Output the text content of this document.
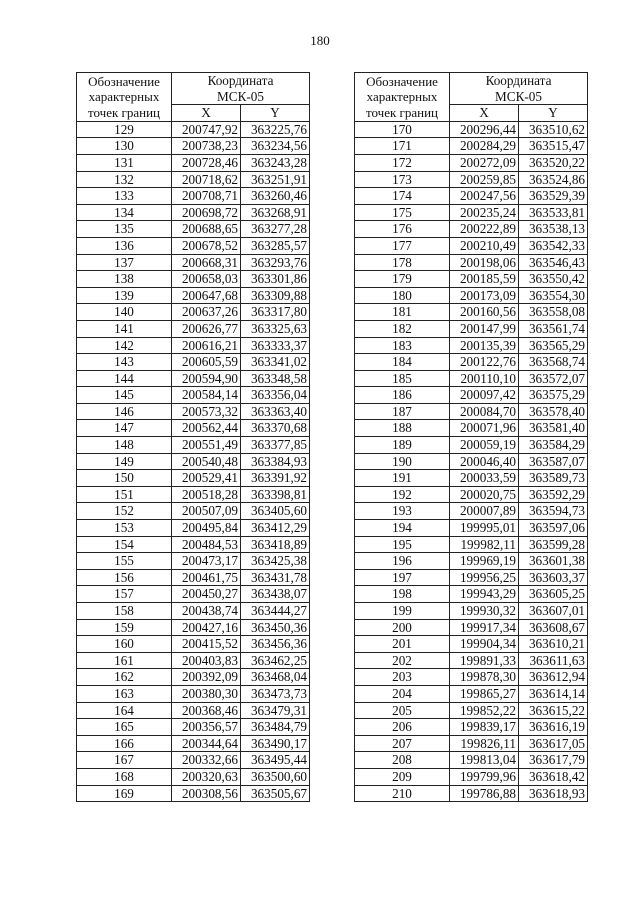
180
Обозначение
характерных
точек границ	Координата	
	МСК-05	
	X	Y
129	200747,92	363225,76
130	200738,23	363234,56
131	200728,46	363243,28
132	200718,62	363251,91
133	200708,71	363260,46
134	200698,72	363268,91
135	200688,65	363277,28
136	200678,52	363285,57
137	200668,31	363293,76
138	200658,03	363301,86
139	200647,68	363309,88
140	200637,26	363317,80
141	200626,77	363325,63
142	200616,21	363333,37
143	200605,59	363341,02
144	200594,90	363348,58
145	200584,14	363356,04
146	200573,32	363363,40
147	200562,44	363370,68
148	200551,49	363377,85
149	200540,48	363384,93
150	200529,41	363391,92
151	200518,28	363398,81
152	200507,09	363405,60
153	200495,84	363412,29
154	200484,53	363418,89
155	200473,17	363425,38
156	200461,75	363431,78
157	200450,27	363438,07
158	200438,74	363444,27
159	200427,16	363450,36
160	200415,52	363456,36
161	200403,83	363462,25
162	200392,09	363468,04
163	200380,30	363473,73
164	200368,46	363479,31
165	200356,57	363484,79
166	200344,64	363490,17
167	200332,66	363495,44
168	200320,63	363500,60
169	200308,56	363505,67
Обозначение
характерных
точек границ	Координата	
	МСК-05	
	X	Y
170	200296,44	363510,62
171	200284,29	363515,47
172	200272,09	363520,22
173	200259,85	363524,86
174	200247,56	363529,39
175	200235,24	363533,81
176	200222,89	363538,13
177	200210,49	363542,33
178	200198,06	363546,43
179	200185,59	363550,42
180	200173,09	363554,30
181	200160,56	363558,08
182	200147,99	363561,74
183	200135,39	363565,29
184	200122,76	363568,74
185	200110,10	363572,07
186	200097,42	363575,29
187	200084,70	363578,40
188	200071,96	363581,40
189	200059,19	363584,29
190	200046,40	363587,07
191	200033,59	363589,73
192	200020,75	363592,29
193	200007,89	363594,73
194	199995,01	363597,06
195	199982,11	363599,28
196	199969,19	363601,38
197	199956,25	363603,37
198	199943,29	363605,25
199	199930,32	363607,01
200	199917,34	363608,67
201	199904,34	363610,21
202	199891,33	363611,63
203	199878,30	363612,94
204	199865,27	363614,14
205	199852,22	363615,22
206	199839,17	363616,19
207	199826,11	363617,05
208	199813,04	363617,79
209	199799,96	363618,42
210	199786,88	363618,93
